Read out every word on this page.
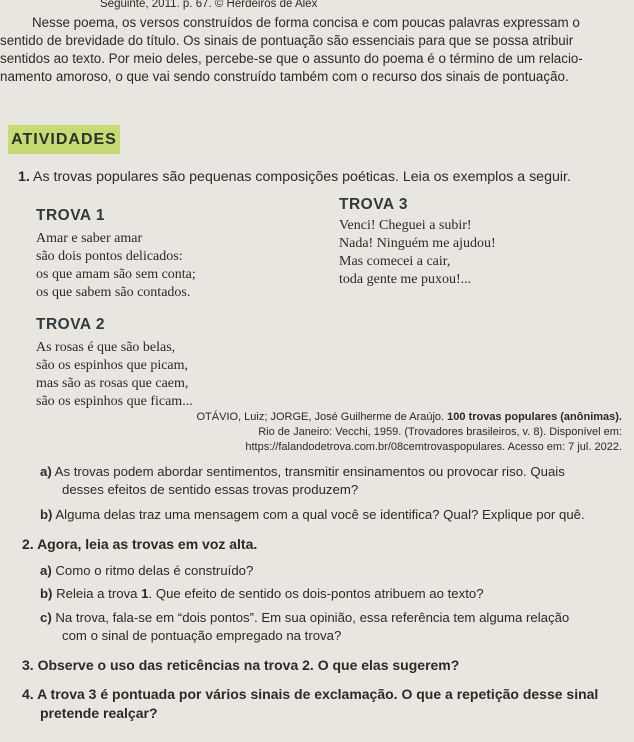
Seguinte, 2011. p. 67. © Herdeiros de Alex
Nesse poema, os versos construídos de forma concisa e com poucas palavras expressam o
sentido de brevidade do título. Os sinais de pontuação são essenciais para que se possa atribuir
sentidos ao texto. Por meio deles, percebe-se que o assunto do poema é o término de um relacio-
namento amoroso, o que vai sendo construído também com o recurso dos sinais de pontuação.
ATIVIDADES
1. As trovas populares são pequenas composições poéticas. Leia os exemplos a seguir.
TROVA 1
Amar e saber amar
são dois pontos delicados:
os que amam são sem conta;
os que sabem são contados.
TROVA 3
Venci! Cheguei a subir!
Nada! Ninguém me ajudou!
Mas comecei a cair,
toda gente me puxou!...
TROVA 2
As rosas é que são belas,
são os espinhos que picam,
mas são as rosas que caem,
são os espinhos que ficam...
OTÁVIO, Luiz; JORGE, José Guilherme de Araújo. 100 trovas populares (anônimas).
Rio de Janeiro: Vecchi, 1959. (Trovadores brasileiros, v. 8). Disponível em:
https://falandodetrova.com.br/08cemtrovaspopulares. Acesso em: 7 jul. 2022.
a) As trovas podem abordar sentimentos, transmitir ensinamentos ou provocar riso. Quais
desses efeitos de sentido essas trovas produzem?
b) Alguma delas traz uma mensagem com a qual você se identifica? Qual? Explique por quê.
2. Agora, leia as trovas em voz alta.
a) Como o ritmo delas é construído?
b) Releia a trova 1. Que efeito de sentido os dois-pontos atribuem ao texto?
c) Na trova, fala-se em “dois pontos”. Em sua opinião, essa referência tem alguma relação
com o sinal de pontuação empregado na trova?
3. Observe o uso das reticências na trova 2. O que elas sugerem?
4. A trova 3 é pontuada por vários sinais de exclamação. O que a repetição desse sinal
pretende realçar?
